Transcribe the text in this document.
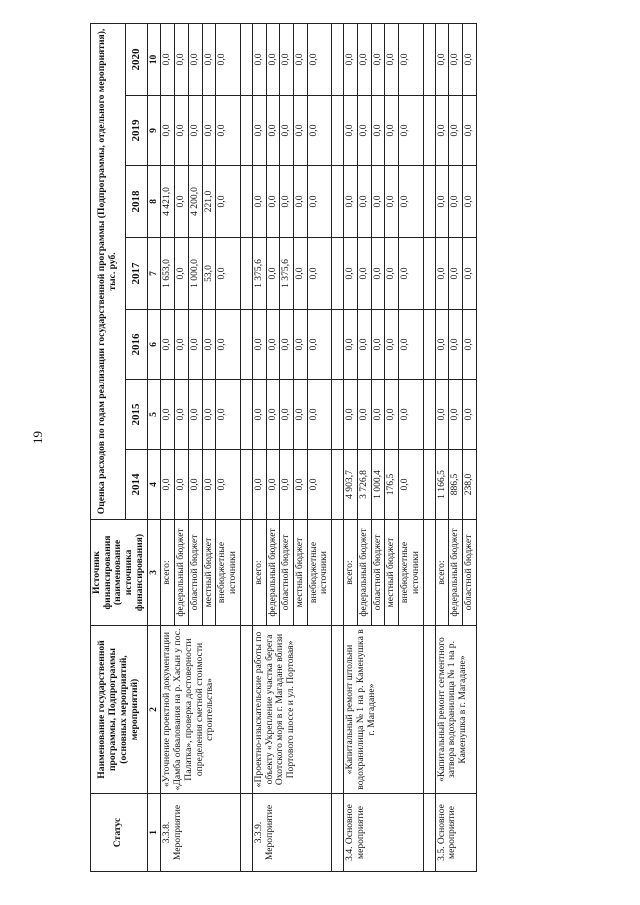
19
Статус	Наименование государственной программы, Подпрограммы (основных мероприятий, мероприятий)	Источник финансирования (наименование источника финансирования)	Оценка расходов по годам реализации государственной программы (Подпрограммы, отдельного мероприятия), тыс. руб.						
			2014	2015	2016	2017	2018	2019	2020
1	2	3	4	5	6	7	8	9	10
3.3.8. Мероприятие	«Уточнение проектной документации «Дамба обвалования на р. Хасын у пос. Палатка», проверка достоверности определения сметной стоимости строительства»	всего:	0,0	0,0	0,0	1 653,0	4 421,0	0,0	0,0
		федеральный бюджет	0,0	0,0	0,0	0,0	0,0	0,0	0,0
		областной бюджет	0,0	0,0	0,0	1 000,0	4 200,0	0,0	0,0
		местный бюджет	0,0	0,0	0,0	53,0	221,0	0,0	0,0
		внебюджетные источники	0,0	0,0	0,0	0,0	0,0	0,0	0,0

3.3.9. Мероприятие	«Проектно-изыскательские работы по объекту «Укрепление участка берега Охотского моря в г. Магадане вблизи Портового шоссе и ул. Портовая»	всего:	0,0	0,0	0,0	1 375,6	0,0	0,0	0,0
		федеральный бюджет	0,0	0,0	0,0	0,0	0,0	0,0	0,0
		областной бюджет	0,0	0,0	0,0	1 375,6	0,0	0,0	0,0
		местный бюджет	0,0	0,0	0,0	0,0	0,0	0,0	0,0
		внебюджетные источники	0,0	0,0	0,0	0,0	0,0	0,0	0,0

3.4. Основное мероприятие	«Капитальный ремонт штольни водохранилища № 1 на р. Каменушка в г. Магадане»	всего:	4 903,7	0,0	0,0	0,0	0,0	0,0	0,0
		федеральный бюджет	3 726,8	0,0	0,0	0,0	0,0	0,0	0,0
		областной бюджет	1 000,4	0,0	0,0	0,0	0,0	0,0	0,0
		местный бюджет	176,5	0,0	0,0	0,0	0,0	0,0	0,0
		внебюджетные источники	0,0	0,0	0,0	0,0	0,0	0,0	0,0

3.5. Основное мероприятие	«Капитальный ремонт сегментного затвора водохранилища № 1 на р. Каменушка в г. Магадане»	всего:	1 166,5	0,0	0,0	0,0	0,0	0,0	0,0
		федеральный бюджет	886,5	0,0	0,0	0,0	0,0	0,0	0,0
		областной бюджет	238,0	0,0	0,0	0,0	0,0	0,0	0,0
